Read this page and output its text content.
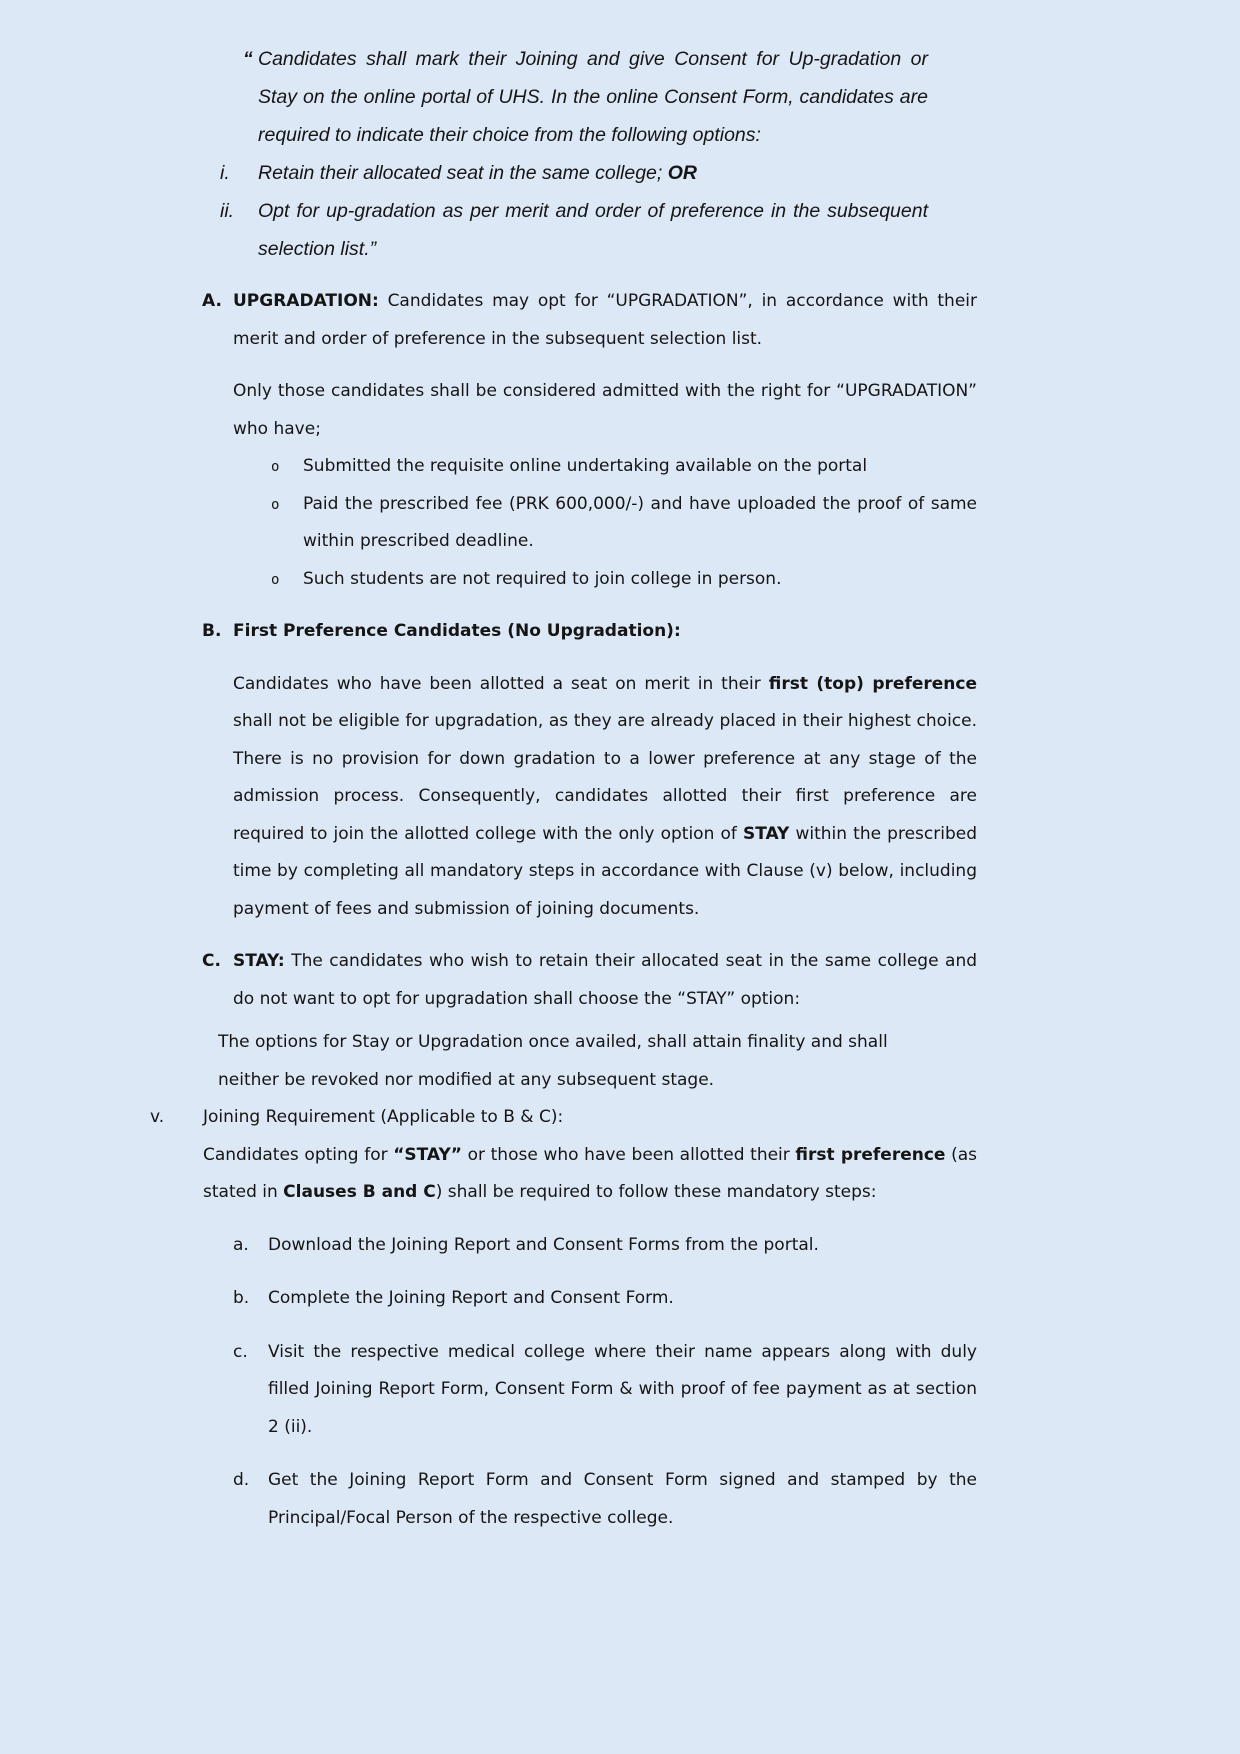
“ Candidates shall mark their Joining and give Consent for Up-gradation or Stay on the online portal of UHS. In the online Consent Form, candidates are required to indicate their choice from the following options:

i. Retain their allocated seat in the same college; OR
ii. Opt for up-gradation as per merit and order of preference in the subsequent selection list.”

A. UPGRADATION: Candidates may opt for “UPGRADATION”, in accordance with their merit and order of preference in the subsequent selection list.

Only those candidates shall be considered admitted with the right for “UPGRADATION” who have;

o Submitted the requisite online undertaking available on the portal
o Paid the prescribed fee (PRK 600,000/-) and have uploaded the proof of same within prescribed deadline.
o Such students are not required to join college in person.

B. First Preference Candidates (No Upgradation):

Candidates who have been allotted a seat on merit in their first (top) preference shall not be eligible for upgradation, as they are already placed in their highest choice. There is no provision for down gradation to a lower preference at any stage of the admission process. Consequently, candidates allotted their first preference are required to join the allotted college with the only option of STAY within the prescribed time by completing all mandatory steps in accordance with Clause (v) below, including payment of fees and submission of joining documents.

C. STAY: The candidates who wish to retain their allocated seat in the same college and do not want to opt for upgradation shall choose the “STAY” option:

The options for Stay or Upgradation once availed, shall attain finality and shall neither be revoked nor modified at any subsequent stage.

v. Joining Requirement (Applicable to B & C):

Candidates opting for “STAY” or those who have been allotted their first preference (as stated in Clauses B and C) shall be required to follow these mandatory steps:

a. Download the Joining Report and Consent Forms from the portal.
b. Complete the Joining Report and Consent Form.
c. Visit the respective medical college where their name appears along with duly filled Joining Report Form, Consent Form & with proof of fee payment as at section 2 (ii).
d. Get the Joining Report Form and Consent Form signed and stamped by the Principal/Focal Person of the respective college.
